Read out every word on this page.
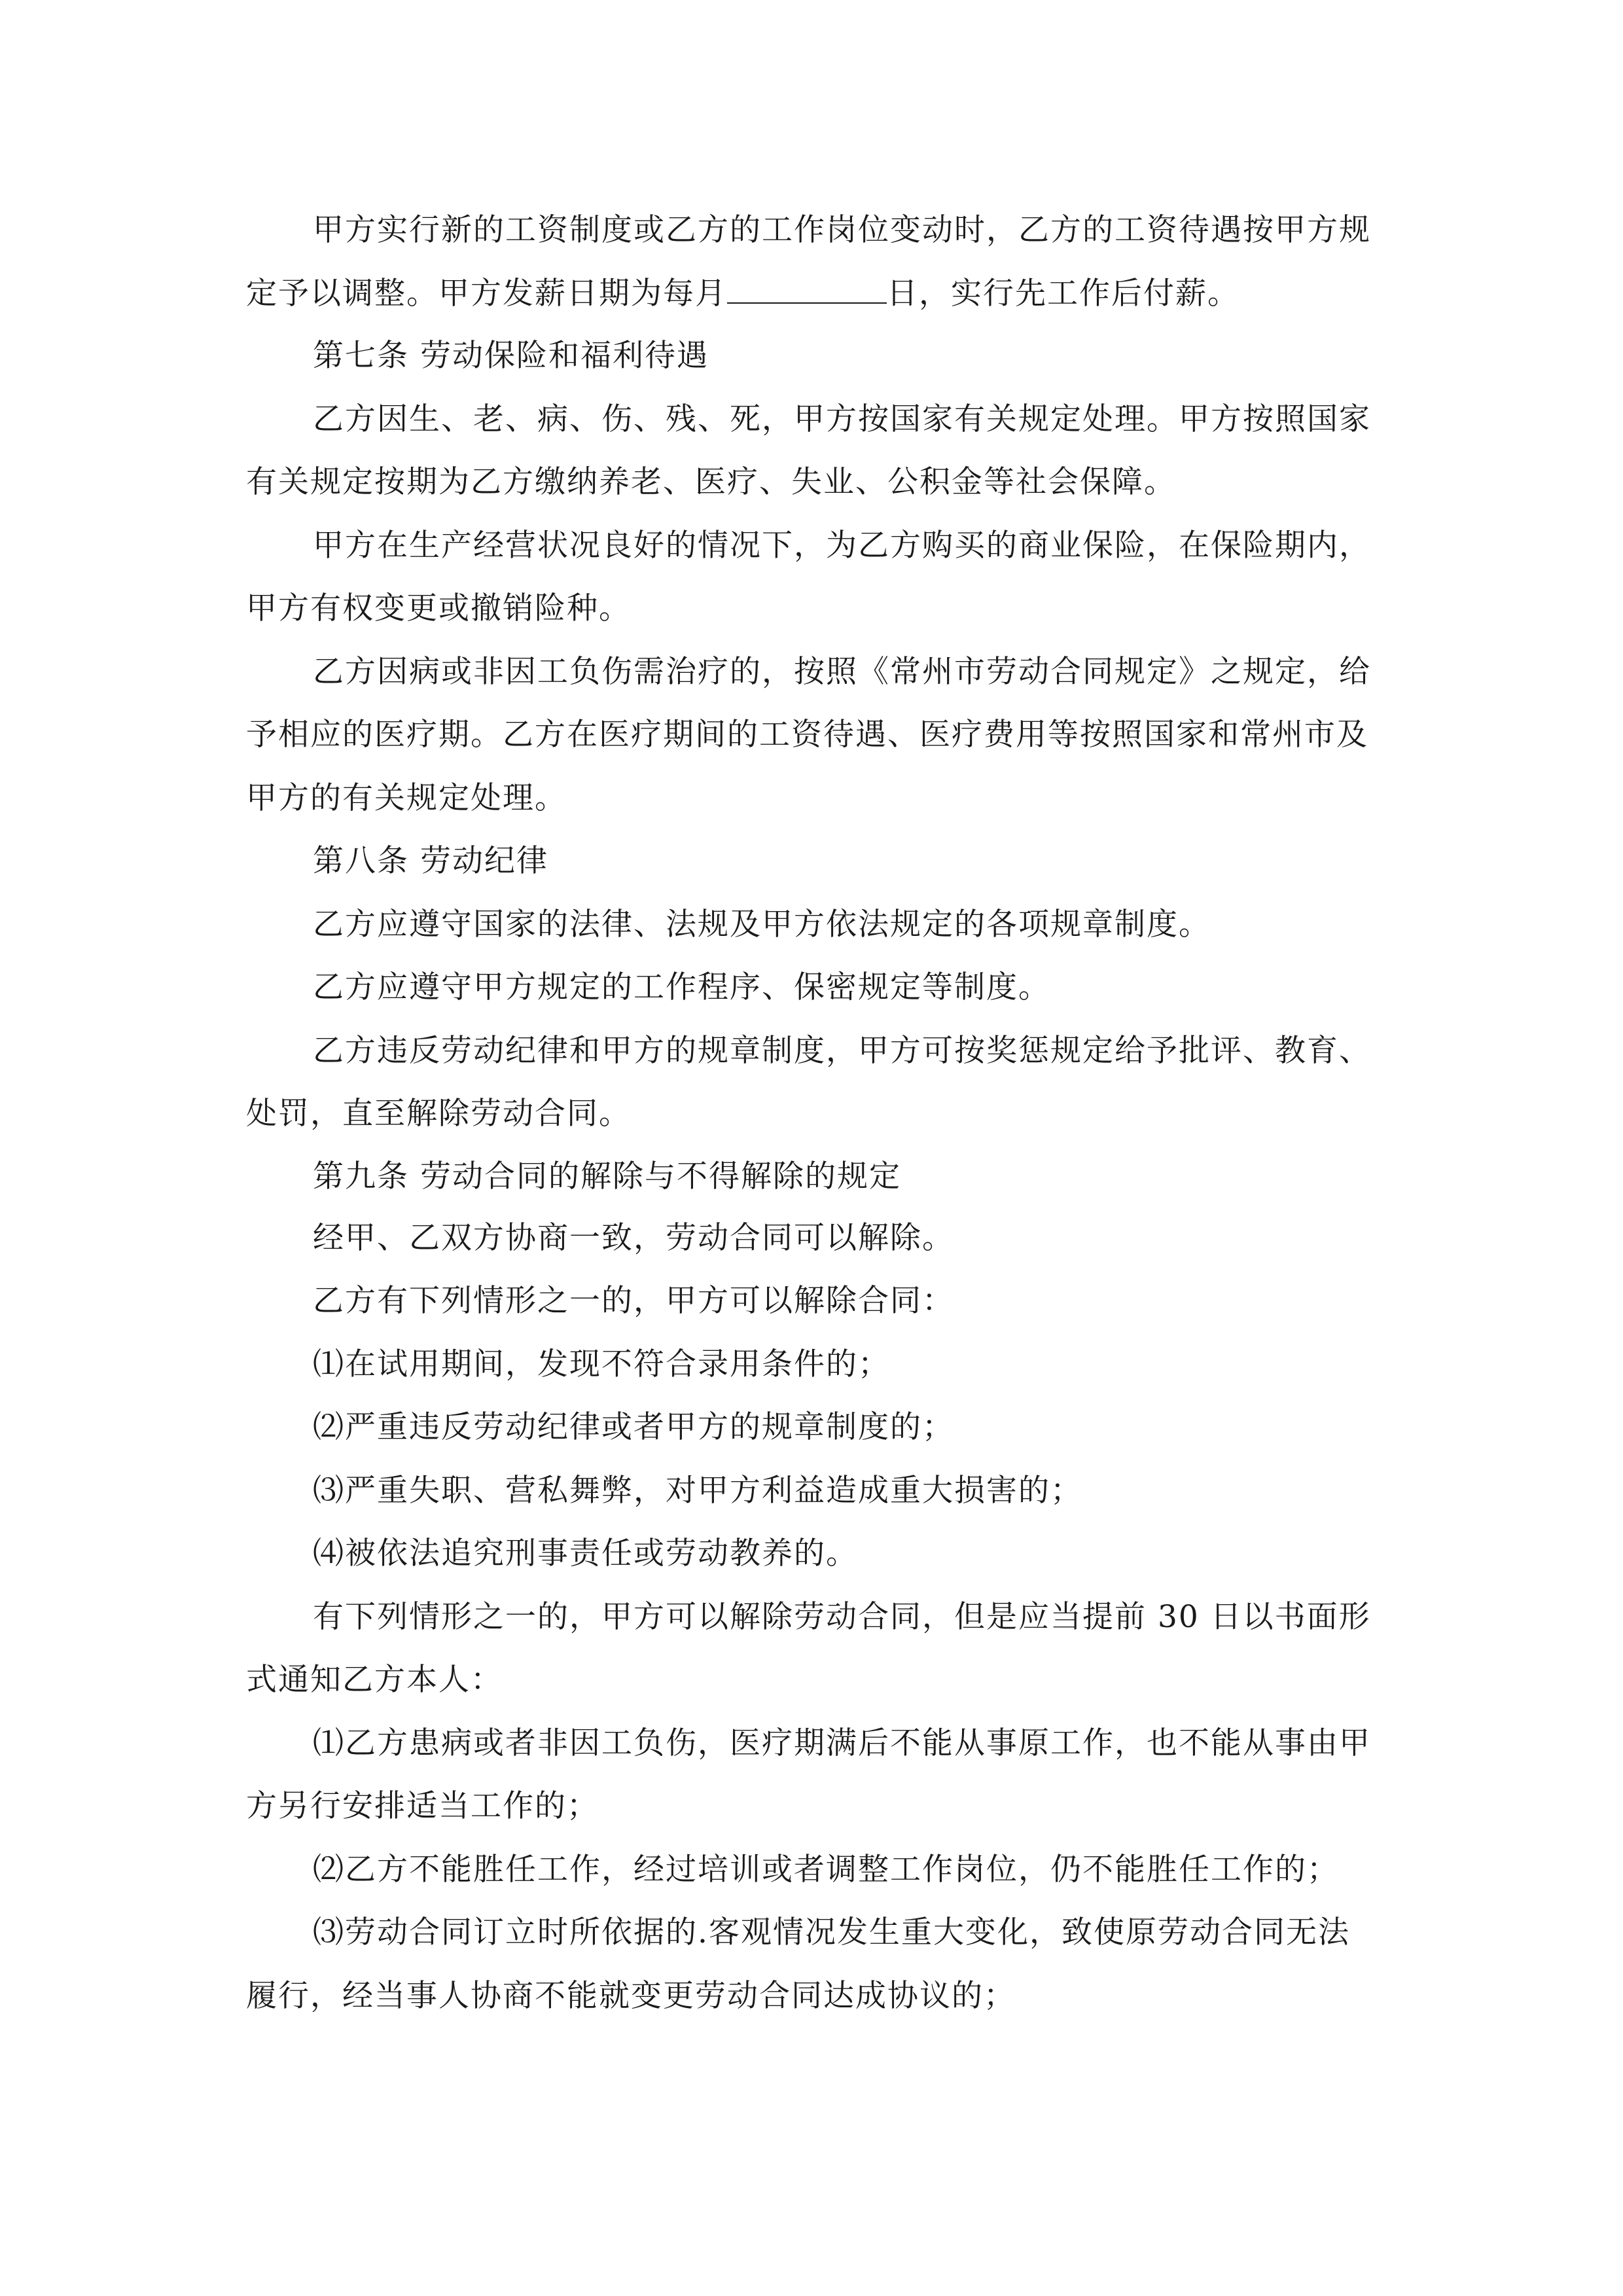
甲方实行新的工资制度或乙方的工作岗位变动时，乙方的工资待遇按甲方规

定予以调整。甲方发薪日期为每月	日，实行先工作后付薪。

第七条 劳动保险和福利待遇

乙方因生、老、病、伤、残、死，甲方按国家有关规定处理。甲方按照国家

有关规定按期为乙方缴纳养老、医疗、失业、公积金等社会保障。

甲方在生产经营状况良好的情况下，为乙方购买的商业保险，在保险期内，

甲方有权变更或撤销险种。

乙方因病或非因工负伤需治疗的，按照《常州市劳动合同规定》之规定，给

予相应的医疗期。乙方在医疗期间的工资待遇、医疗费用等按照国家和常州市及

甲方的有关规定处理。

第八条 劳动纪律

乙方应遵守国家的法律、法规及甲方依法规定的各项规章制度。

乙方应遵守甲方规定的工作程序、保密规定等制度。

乙方违反劳动纪律和甲方的规章制度，甲方可按奖惩规定给予批评、教育、

处罚，直至解除劳动合同。

第九条 劳动合同的解除与不得解除的规定

经甲、乙双方协商一致，劳动合同可以解除。

乙方有下列情形之一的，甲方可以解除合同：

⑴在试用期间，发现不符合录用条件的；

⑵严重违反劳动纪律或者甲方的规章制度的；

⑶严重失职、营私舞弊，对甲方利益造成重大损害的；

⑷被依法追究刑事责任或劳动教养的。

有下列情形之一的，甲方可以解除劳动合同，但是应当提前 30 日以书面形

式通知乙方本人：

⑴乙方患病或者非因工负伤，医疗期满后不能从事原工作，也不能从事由甲

方另行安排适当工作的；

⑵乙方不能胜任工作，经过培训或者调整工作岗位，仍不能胜任工作的；

⑶劳动合同订立时所依据的.客观情况发生重大变化，致使原劳动合同无法

履行，经当事人协商不能就变更劳动合同达成协议的；
